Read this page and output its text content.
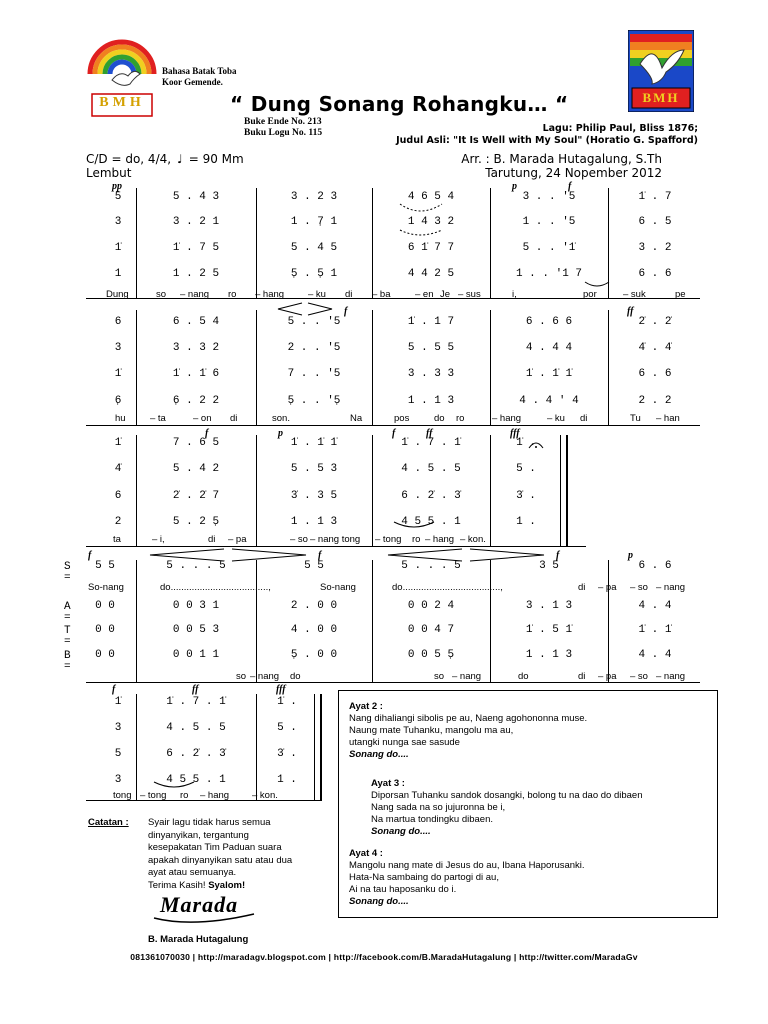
BMH
Bahasa Batak Toba
Koor Gemende.
BMH
“ Dung Sonang Rohangku… “
Buke Ende No. 213
Buku Logu No. 115	Lagu: Philip Paul, Bliss 1876;
Judul Asli: "It Is Well with My Soul" (Horatio G. Spafford)
C/D = do, 4/4, ♩ = 90 Mm
Lembut
Arr. : B. Marada Hutagalung, S.Th
Tarutung, 24 Nopember 2012
pp	p	f
5	5 . 4 3	3 . 2 3	4 6 5 4	3 . . '5	1̇ . 7
3	3 . 2 1	1 . 7̣ 1	1 4 3 2	1 . . '5	6 . 5
1̇	1̇ . 7 5	5 . 4 5	6 1̇ 7 7	5 . . '1̇	3 . 2
1	1 . 2 5	5̣ . 5̣ 1	4 4 2 5	1 . . '1 7	6 . 6
Dung	so – nang ro – hang	– ku di – ba	– en Je – sus	i,	por	– suk	pe
f	ff
6	6 . 5 4	5 . . '5	1̇ . 1 7	6 . 6 6	2̇ . 2̇
3	3 . 3 2	2 . . '5	5 . 5 5	4 . 4 4	4̇ . 4̇
1̇	1̇ . 1̇ 6	7 . . '5	3 . 3 3	1̇ . 1̇ 1̇	6 . 6
6̣	6̣ . 2 2	5̣ . . '5̣	1 . 1 3	4 . 4 ' 4	2 . 2
hu	– ta	– on di	son.	Na	pos	do ro	– hang	– ku di	Tu – han
f	p	f	ff	fff
1̇	7 . 6 5	1̇ . 1̇ 1̇	1̇ . 7 . 1̇	1̇ .
4̇	5 . 4 2	5 . 5 3	4 . 5 . 5	5 .
6	2̇ . 2̇ 7	3̇ . 3 5	6 . 2̇ . 3̇	3̇ .
2	5 . 2 5̣	1 . 1 3	4 5 5 . 1	1 .
ta	– i,	di – pa	– so – nang tong – tong ro – hang – kon.
f	f	f	p
S =
A =
T =
B =
5 5	5 . . . 5	5 5	5 . . . 5	3 5	6 . 6
0 0	0 0 3 1	2 . 0 0	0 0 2 4	3 . 1 3	4 . 4
0 0	0 0 5 3	4 . 0 0	0 0 4 7	1̇ . 5 1̇	1̇ . 1̇
0 0	0 0 1 1	5̣ . 0 0	0 0 5 5̣	1 . 1 3	4 . 4
So-nang	do.....................................,	So-nang	do.....................................,	di – pa – so – nang
so – nang do	so – nang	do	di – pa – so – nang
f	ff	fff
1̇	1̇ . 7 . 1̇	1̇ .
3	4 . 5 . 5	5 .
5	6 . 2̇ . 3̇	3̇ .
3	4 5 5 . 1	1 .
tong – tong ro – hang – kon.
Ayat 2 :
Nang dihaliangi sibolis pe au, Naeng agohononna muse.
Naung mate Tuhanku, mangolu ma au,
utangki nunga sae sasude
Sonang do....
Ayat 3 :
Diporsan Tuhanku sandok dosangki, bolong tu na dao do dibaen
Nang sada na so jujuronna be i,
Na martua tondingku dibaen.
Sonang do....
Ayat 4 :
Mangolu nang mate di Jesus do au, Ibana Haporusanki.
Hata-Na sambaing do partogi di au,
Ai na tau haposanku do i.
Sonang do....
Catatan : Syair lagu tidak harus semua
dinyanyikan, tergantung
kesepakatan Tim Paduan suara
apakah dinyanyikan satu atau dua
ayat atau semuanya.
Terima Kasih! Syalom!
Marada
B. Marada Hutagalung
081361070030 | http://maradagv.blogspot.com | http://facebook.com/B.MaradaHutagalung | http://twitter.com/MaradaGv
